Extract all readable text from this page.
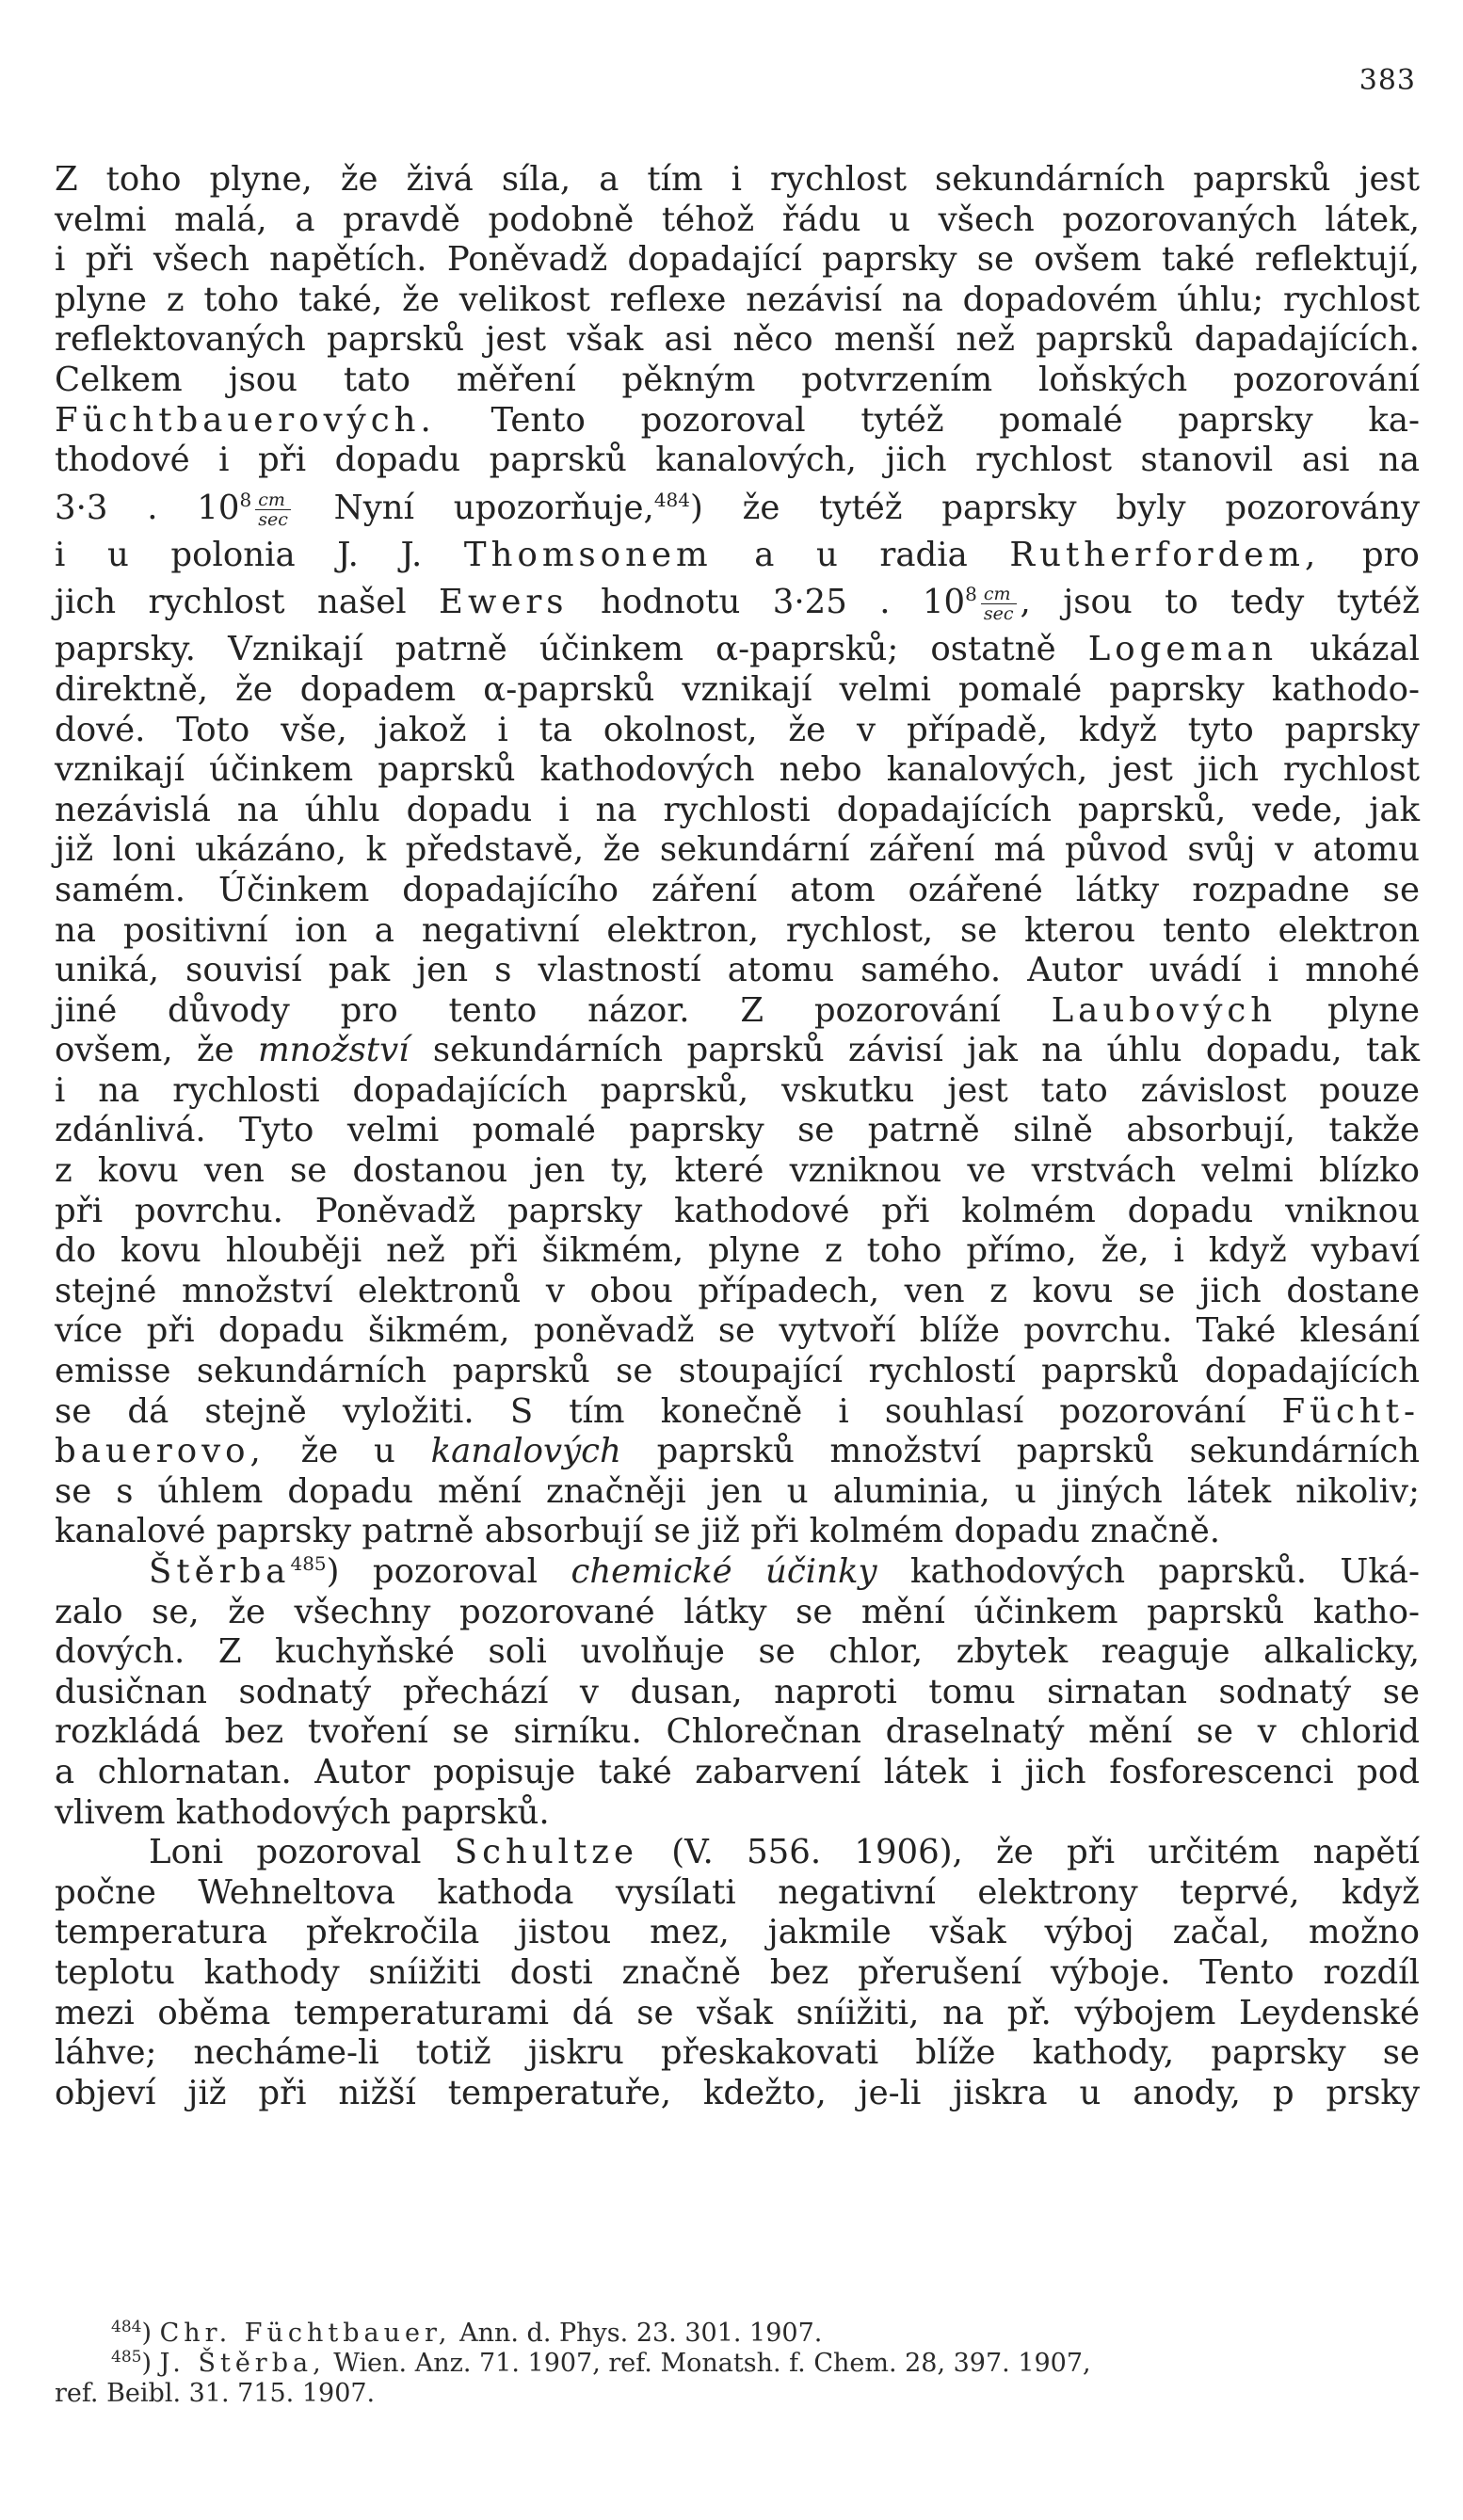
383
Z toho plyne, že živá síla, a tím i rychlost sekundárních paprsků jest
velmi malá, a pravdě podobně téhož řádu u všech pozorovaných látek,
i při všech napětích. Poněvadž dopadající paprsky se ovšem také reflektují,
plyne z toho také, že velikost reflexe nezávisí na dopadovém úhlu; rychlost
reflektovaných paprsků jest však asi něco menší než paprsků dapadajících.
Celkem jsou tato měření pěkným potvrzením loňských pozorování
Füchtbauerových. Tento pozoroval tytéž pomalé paprsky ka-
thodové i při dopadu paprsků kanalových, jich rychlost stanovil asi na
3·3 . $10^8 \frac{cm}{\sec}$ Nyní upozorňuje,$^{484}$) že tytéž paprsky byly pozorovány
i u polonia J. J. Thomsonem a u radia Rutherfordem, pro
jich rychlost našel Ewers hodnotu 3·25 . $10^8 \frac{cm}{\sec}$ , jsou to tedy tytéž
paprsky. Vznikají patrně účinkem α-paprsků; ostatně Logeman ukázal
direktně, že dopadem α-paprsků vznikají velmi pomalé paprsky kathodo-
dové. Toto vše, jakož i ta okolnost, že v případě, když tyto paprsky
vznikají účinkem paprsků kathodových nebo kanalových, jest jich rychlost
nezávislá na úhlu dopadu i na rychlosti dopadajících paprsků, vede, jak
již loni ukázáno, k představě, že sekundární záření má původ svůj v atomu
samém. Účinkem dopadajícího záření atom ozářené látky rozpadne se
na positivní ion a negativní elektron, rychlost, se kterou tento elektron
uniká, souvisí pak jen s vlastností atomu samého. Autor uvádí i mnohé
jiné důvody pro tento názor. Z pozorování Laubových plyne
ovšem, že množství sekundárních paprsků závisí jak na úhlu dopadu, tak
i na rychlosti dopadajících paprsků, vskutku jest tato závislost pouze
zdánlivá. Tyto velmi pomalé paprsky se patrně silně absorbují, takže
z kovu ven se dostanou jen ty, které vzniknou ve vrstvách velmi blízko
při povrchu. Poněvadž paprsky kathodové při kolmém dopadu vniknou
do kovu hlouběji než při šikmém, plyne z toho přímo, že, i když vybaví
stejné množství elektronů v obou případech, ven z kovu se jich dostane
více při dopadu šikmém, poněvadž se vytvoří blíže povrchu. Také klesání
emisse sekundárních paprsků se stoupající rychlostí paprsků dopadajících
se dá stejně vyložiti. S tím konečně i souhlasí pozorování Fücht-
bauerovo, že u kanalových paprsků množství paprsků sekundárních
se s úhlem dopadu mění značněji jen u aluminia, u jiných látek nikoliv;
kanalové paprsky patrně absorbují se již při kolmém dopadu značně.
Štěrba$^{485}$) pozoroval chemické účinky kathodových paprsků. Uká-
zalo se, že všechny pozorované látky se mění účinkem paprsků katho-
dových. Z kuchyňské soli uvolňuje se chlor, zbytek reaguje alkalicky,
dusičnan sodnatý přechází v dusan, naproti tomu sirnatan sodnatý se
rozkládá bez tvoření se sirníku. Chlorečnan draselnatý mění se v chlorid
a chlornatan. Autor popisuje také zabarvení látek i jich fosforescenci pod
vlivem kathodových paprsků.
Loni pozoroval Schultze (V. 556. 1906), že při určitém napětí
počne Wehneltova kathoda vysílati negativní elektrony teprvé, když
temperatura překročila jistou mez, jakmile však výboj začal, možno
teplotu kathody sníižiti dosti značně bez přerušení výboje. Tento rozdíl
mezi oběma temperaturami dá se však sníižiti, na př. výbojem Leydenské
láhve; necháme-li totiž jiskru přeskakovati blíže kathody, paprsky se
objeví již při nižší temperatuře, kdežto, je-li jiskra u anody, p prsky
$^{484}$) Chr. Füchtbauer, Ann. d. Phys. 23. 301. 1907.
$^{485}$) J. Štěrba, Wien. Anz. 71. 1907, ref. Monatsh. f. Chem. 28, 397. 1907,
ref. Beibl. 31. 715. 1907.
